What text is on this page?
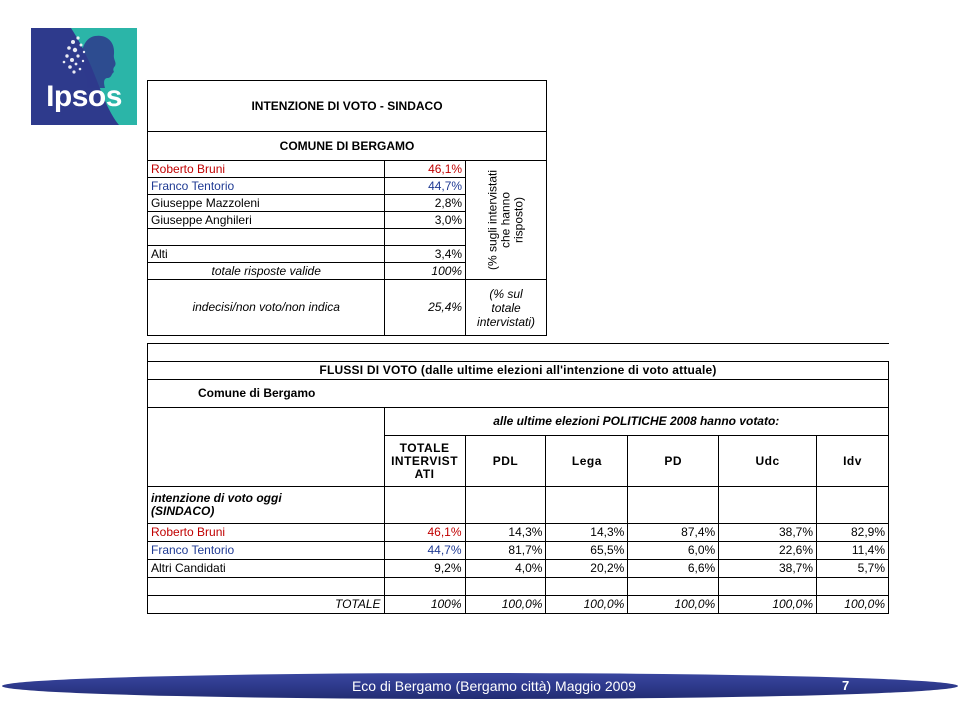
Ipsos	INTENZIONE DI VOTO - SINDACO		
COMUNE DI BERGAMO		
Roberto Bruni	46,1%	(% sugli intervistati che hanno risposto)

Franco Tentorio	44,7%	
Giuseppe Mazzoleni	2,8%	
Giuseppe Anghileri	3,0%	

Alti	3,4%	
totale risposte valide	100%	
indecisi/non voto/non indica	25,4%	(% sul
totale
intervistati)

FLUSSI DI VOTO (dalle ultime elezioni all'intenzione di voto attuale)						
Comune di Bergamo						
	alle ultime elezioni POLITICHE 2008 hanno votato:					
	TOTALE INTERVIST ATI	PDL	Lega	PD	Udc	Idv

intenzione di voto oggi
(SINDACO)						

Roberto Bruni	46,1%	14,3%	14,3%	87,4%	38,7%	82,9%
Franco Tentorio	44,7%	81,7%	65,5%	6,0%	22,6%	11,4%
Altri Candidati	9,2%	4,0%	20,2%	6,6%	38,7%	5,7%

TOTALE	100%	100,0%	100,0%	100,0%	100,0%	100,0%
Eco di Bergamo (Bergamo città) Maggio 2009	7
